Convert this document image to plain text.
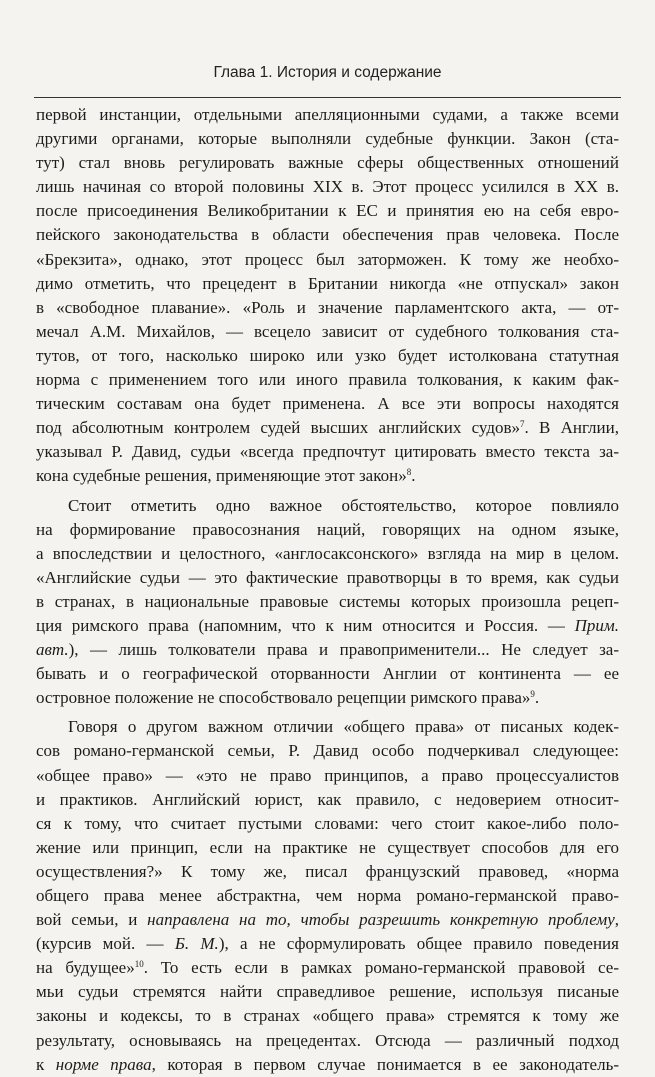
Глава 1. История и содержание
первой инстанции, отдельными апелляционными судами, а также всеми
другими органами, которые выполняли судебные функции. Закон (ста-
тут) стал вновь регулировать важные сферы общественных отношений
лишь начиная со второй половины XIX в. Этот процесс усилился в XX в.
после присоединения Великобритании к ЕС и принятия ею на себя евро-
пейского законодательства в области обеспечения прав человека. После
«Брекзита», однако, этот процесс был заторможен. К тому же необхо-
димо отметить, что прецедент в Британии никогда «не отпускал» закон
в «свободное плавание». «Роль и значение парламентского акта, — от-
мечал А.М. Михайлов, — всецело зависит от судебного толкования ста-
тутов, от того, насколько широко или узко будет истолкована статутная
норма с применением того или иного правила толкования, к каким фак-
тическим составам она будет применена. А все эти вопросы находятся
под абсолютным контролем судей высших английских судов»$^7$. В Англии,
указывал Р. Давид, судьи «всегда предпочтут цитировать вместо текста за-
кона судебные решения, применяющие этот закон»$^8$.
Стоит отметить одно важное обстоятельство, которое повлияло
на формирование правосознания наций, говорящих на одном языке,
а впоследствии и целостного, «англосаксонского» взгляда на мир в целом.
«Английские судьи — это фактические правотворцы в то время, как судьи
в странах, в национальные правовые системы которых произошла рецеп-
ция римского права (напомним, что к ним относится и Россия. — Прим.
авт.), — лишь толкователи права и правоприменители... Не следует за-
бывать и о географической оторванности Англии от континента — ее
островное положение не способствовало рецепции римского права»$^9$.
Говоря о другом важном отличии «общего права» от писаных кодек-
сов романо-германской семьи, Р. Давид особо подчеркивал следующее:
«общее право» — «это не право принципов, а право процессуалистов
и практиков. Английский юрист, как правило, с недоверием относит-
ся к тому, что считает пустыми словами: чего стоит какое-либо поло-
жение или принцип, если на практике не существует способов для его
осуществления?» К тому же, писал французский правовед, «норма
общего права менее абстрактна, чем норма романо-германской право-
вой семьи, и направлена на то, чтобы разрешить конкретную проблему,
(курсив мой. — Б. М.), а не сформулировать общее правило поведения
на будущее»$^{10}$. То есть если в рамках романо-германской правовой се-
мьи судьи стремятся найти справедливое решение, используя писаные
законы и кодексы, то в странах «общего права» стремятся к тому же
результату, основываясь на прецедентах. Отсюда — различный подход
к норме права, которая в первом случае понимается в ее законодатель-
